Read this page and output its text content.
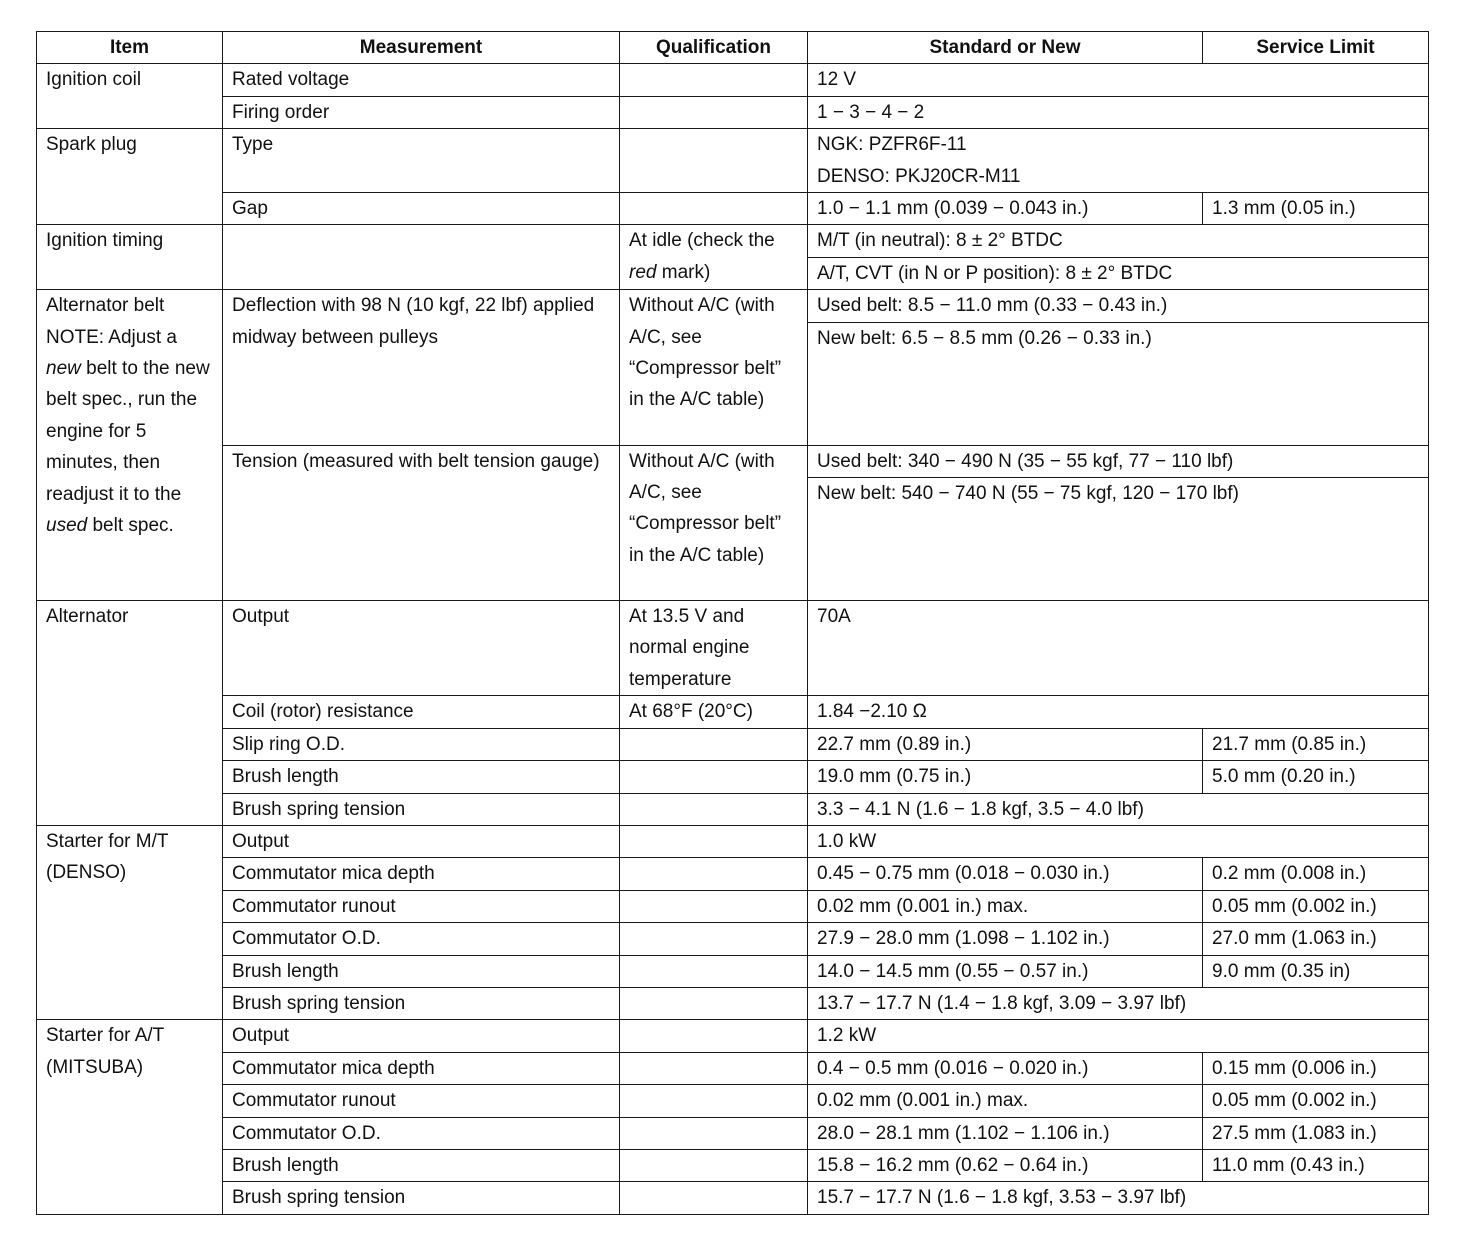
Item	Measurement	Qualification	Standard or New	Service Limit
Ignition coil	Rated voltage		12 V	
	Firing order		1 − 3 − 4 − 2	
Spark plug	Type		NGK: PZFR6F-11
DENSO: PKJ20CR-M11	

	Gap		1.0 − 1.1 mm (0.039 − 0.043 in.)	1.3 mm (0.05 in.)
Ignition timing		At idle (check the red mark)	M/T (in neutral): 8 ± 2° BTDC	
			A/T, CVT (in N or P position): 8 ± 2° BTDC	
Alternator belt NOTE: Adjust a new belt to the new belt spec., run the engine for 5 minutes, then readjust it to the used belt spec.	Deflection with 98 N (10 kgf, 22 lbf) applied midway between pulleys	Without A/C (with A/C, see “Compressor belt” in the A/C table)	Used belt: 8.5 − 11.0 mm (0.33 − 0.43 in.)	
			New belt: 6.5 − 8.5 mm (0.26 − 0.33 in.)	
	Tension (measured with belt tension gauge)	Without A/C (with A/C, see “Compressor belt” in the A/C table)	Used belt: 340 − 490 N (35 − 55 kgf, 77 − 110 lbf)	
			New belt: 540 − 740 N (55 − 75 kgf, 120 − 170 lbf)	
Alternator	Output	At 13.5 V and normal engine temperature	70A	
	Coil (rotor) resistance	At 68°F (20°C)	1.84 −2.10 Ω	
	Slip ring O.D.		22.7 mm (0.89 in.)	21.7 mm (0.85 in.)
	Brush length		19.0 mm (0.75 in.)	5.0 mm (0.20 in.)
	Brush spring tension		3.3 − 4.1 N (1.6 − 1.8 kgf, 3.5 − 4.0 lbf)	

Starter for M/T
(DENSO)	Output		1.0 kW	
	Commutator mica depth		0.45 − 0.75 mm (0.018 − 0.030 in.)	0.2 mm (0.008 in.)
	Commutator runout		0.02 mm (0.001 in.) max.	0.05 mm (0.002 in.)
	Commutator O.D.		27.9 − 28.0 mm (1.098 − 1.102 in.)	27.0 mm (1.063 in.)
	Brush length		14.0 − 14.5 mm (0.55 − 0.57 in.)	9.0 mm (0.35 in)
	Brush spring tension		13.7 − 17.7 N (1.4 − 1.8 kgf, 3.09 − 3.97 lbf)	

Starter for A/T
(MITSUBA)	Output		1.2 kW	
	Commutator mica depth		0.4 − 0.5 mm (0.016 − 0.020 in.)	0.15 mm (0.006 in.)
	Commutator runout		0.02 mm (0.001 in.) max.	0.05 mm (0.002 in.)
	Commutator O.D.		28.0 − 28.1 mm (1.102 − 1.106 in.)	27.5 mm (1.083 in.)
	Brush length		15.8 − 16.2 mm (0.62 − 0.64 in.)	11.0 mm (0.43 in.)
	Brush spring tension		15.7 − 17.7 N (1.6 − 1.8 kgf, 3.53 − 3.97 lbf)	
